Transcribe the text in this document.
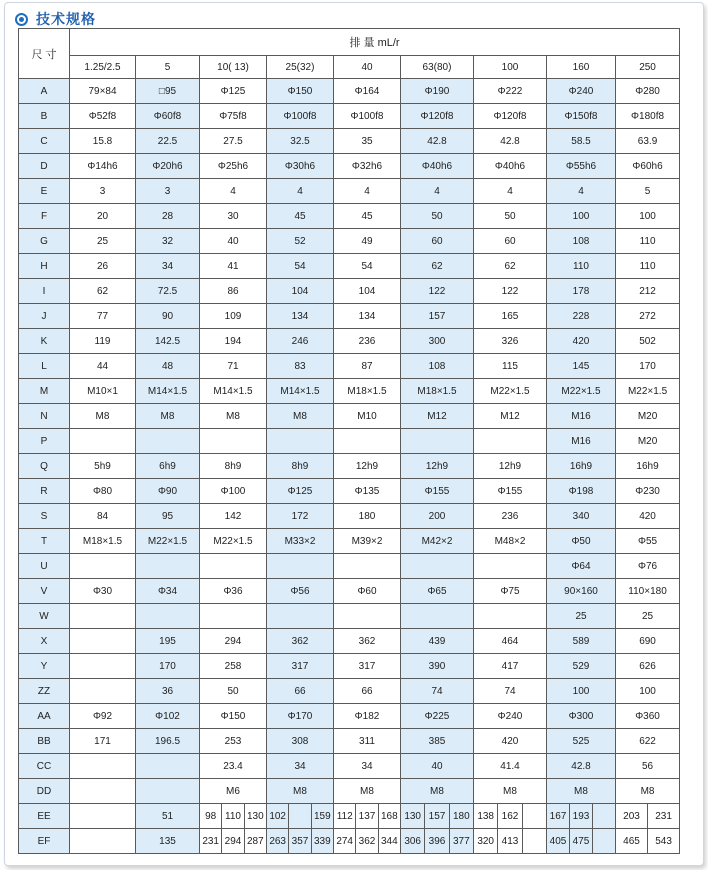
技术规格
尺 寸	排 量 mL/r								
	1.25/2.5	5	10( 13)	25(32)	40	63(80)	100	160	250
A	79×84	□95	Φ125	Φ150	Φ164	Φ190	Φ222	Φ240	Φ280
B	Φ52f8	Φ60f8	Φ75f8	Φ100f8	Φ100f8	Φ120f8	Φ120f8	Φ150f8	Φ180f8
C	15.8	22.5	27.5	32.5	35	42.8	42.8	58.5	63.9
D	Φ14h6	Φ20h6	Φ25h6	Φ30h6	Φ32h6	Φ40h6	Φ40h6	Φ55h6	Φ60h6
E	3	3	4	4	4	4	4	4	5
F	20	28	30	45	45	50	50	100	100
G	25	32	40	52	49	60	60	108	110
H	26	34	41	54	54	62	62	110	110
I	62	72.5	86	104	104	122	122	178	212
J	77	90	109	134	134	157	165	228	272
K	119	142.5	194	246	236	300	326	420	502
L	44	48	71	83	87	108	115	145	170
M	M10×1	M14×1.5	M14×1.5	M14×1.5	M18×1.5	M18×1.5	M22×1.5	M22×1.5	M22×1.5
N	M8	M8	M8	M8	M10	M12	M12	M16	M20
P								M16	M20
Q	5h9	6h9	8h9	8h9	12h9	12h9	12h9	16h9	16h9
R	Φ80	Φ90	Φ100	Φ125	Φ135	Φ155	Φ155	Φ198	Φ230
S	84	95	142	172	180	200	236	340	420
T	M18×1.5	M22×1.5	M22×1.5	M33×2	M39×2	M42×2	M48×2	Φ50	Φ55
U								Φ64	Φ76
V	Φ30	Φ34	Φ36	Φ56	Φ60	Φ65	Φ75	90×160	110×180
W								25	25
X		195	294	362	362	439	464	589	690
Y		170	258	317	317	390	417	529	626
ZZ		36	50	66	66	74	74	100	100
AA	Φ92	Φ102	Φ150	Φ170	Φ182	Φ225	Φ240	Φ300	Φ360
BB	171	196.5	253	308	311	385	420	525	622
CC			23.4	34	34	40	41.4	42.8	56
DD			M6	M8	M8	M8	M8	M8	M8
EE		51	98 110 130	102 159	112 137 168	130 157 180	138 162	167 193	203 231

EF		135	231 294 287	263 357 339	274 362 344	306 396 377	320 413	405 475	465 543
